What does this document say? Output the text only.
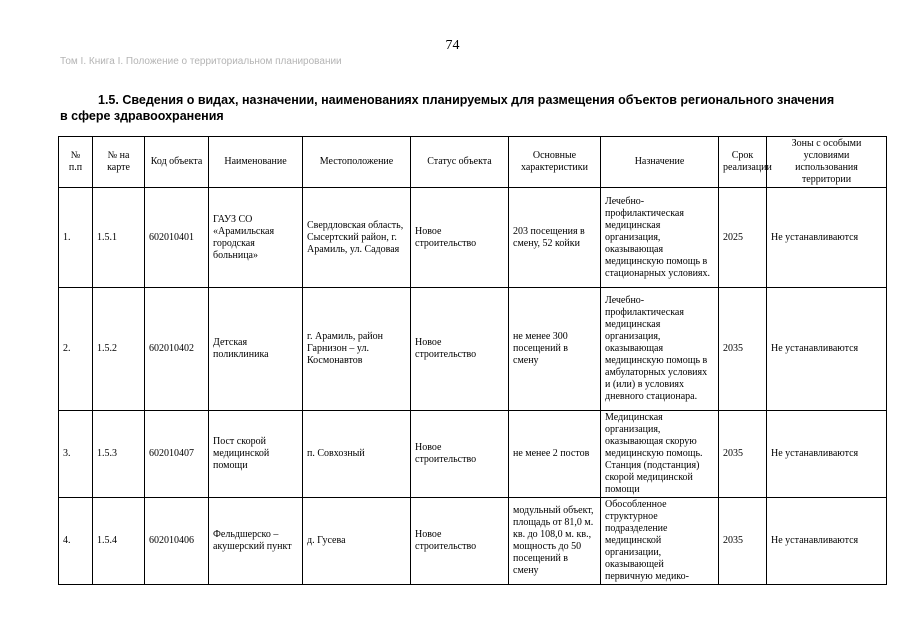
74
Том I. Книга I. Положение о территориальном планировании
1.5. Сведения о видах, назначении, наименованиях планируемых для размещения объектов регионального значения
в сфере здравоохранения
№ п.п	№ на карте	Код объекта	Наименование	Местоположение	Статус объекта	Основные характеристики	Назначение	Срок реализации	Зоны с особыми условиями использования территории
1.	1.5.1	602010401	ГАУЗ СО «Арамильская городская больница»	Свердловская область, Сысертский район, г. Арамиль, ул. Садовая	Новое строительство	203 посещения в смену, 52 койки	Лечебно-профилактическая медицинская организация, оказывающая медицинскую помощь в стационарных условиях.	2025	Не устанавливаются
2.	1.5.2	602010402	Детская поликлиника	г. Арамиль, район Гарнизон – ул. Космонавтов	Новое строительство	не менее 300 посещений в смену	Лечебно-профилактическая медицинская организация, оказывающая медицинскую помощь в амбулаторных условиях и (или) в условиях дневного стационара.	2035	Не устанавливаются
3.	1.5.3	602010407	Пост скорой медицинской помощи	п. Совхозный	Новое строительство	не менее 2 постов	Медицинская организация, оказывающая скорую медицинскую помощь. Станция (подстанция) скорой медицинской помощи	2035	Не устанавливаются
4.	1.5.4	602010406	Фельдшерско – акушерский пункт	д. Гусева	Новое строительство	модульный объект, площадь от 81,0 м. кв. до 108,0 м. кв., мощность до 50 посещений в смену	Обособленное структурное подразделение медицинской организации, оказывающей первичную медико-	2035	Не устанавливаются
